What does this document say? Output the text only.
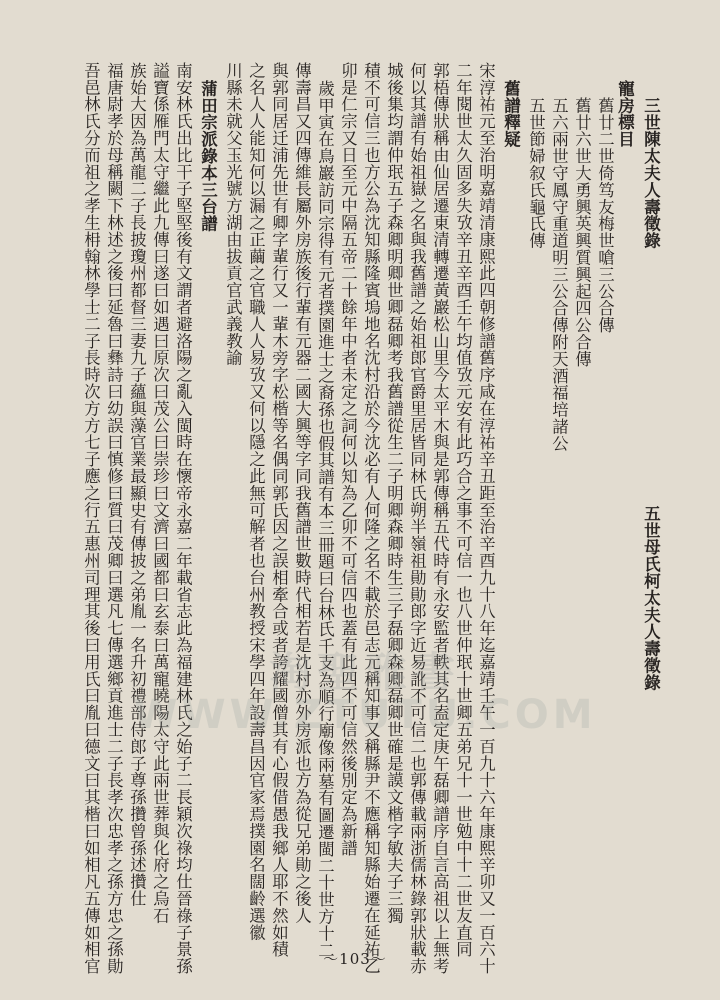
三世陳太夫人壽徵錄
五世母氏柯太夫人壽徵錄
寵房標目
舊廿二世倚笃友梅世嗆三公合傳
舊廿六世大勇興英興質興起四公合傳
五六兩世守鳳守重道明三公合傳附天酒福培諸公
五世節婦叙氏龜氏傳
舊譜釋疑
宋淳祐元至治明嘉靖清康熙此四朝修譜舊序咸在淳祐辛丑距至治辛酉九十八年迄嘉靖壬午一百九十六年康熙辛卯又一百六十
二年閱世太久固多失攷辛丑辛酉壬午均值攷元安有此巧合之事不可信一也八世仲珉十世卿五弟兄十一世勉中十二世友直同
郭梧傳狀稱由仙居遷東清轉遷黃巖松山里今太平木與是郭傳稱五代時有永安監者軼其名盍定庚午磊卿譜序自言高祖以上無考
何以其譜有始祖嶽之名與我舊譜之始祖郎官爵里居皆同林氏朔半嶺祖勛勛郎字近易訛不可信二也郭傳載兩浙儒林錄郭狀載赤
城後集均謂仲珉五子森卿明卿世卿磊卿考我舊譜從生二子明卿森卿時生三子磊卿森卿磊卿世確是謨文楷字敏夫子三獨
積不可信三也方公為沈知縣隆賓塢地名沈村沿於今沈必有人何隆之名不載於邑志元稱知事又稱縣尹不應稱知縣始遷在延祐乙
卯是仁宗又日至元中隔五帝二十餘年中者未定之詞何以知為乙卯不可信四也蓋有此四不可信然後別定為新譜
歲甲寅在鳥巖訪同宗得有元者撲園進士之裔孫也假其譜有本三冊題曰台林氏千支為順行廟像兩墓有圖遷閩二十世方十二
傳壽昌又四傳維長屬外房族後行輩有元器二國大興等字同我舊譜世數時代相若是沈村亦外房派也方為從兄弟勛之後人
與郭同居迁浦先世有卿字輩行又一輩木旁字松楷等名偶同郭氏因之誤相牽合或者誇耀國僧其有心假借愚我鄉人耶不然如積
之名人人能知何以漏之正繭之官職人人易攷又何以隱之此無可解者也台州教授宋學四年設壽昌因官家焉撲園名闊齡選徽
川縣未就父玉光號方湖由拔貢官武義教諭
蒲田宗派錄本三台譜
南安林氏出比干子堅堅後有文謂者避洛陽之亂入閩時在懷帝永嘉二年載省志此為福建林氏之始子二長穎次祿均仕晉祿子景孫
謚寶係雁門太守繼此九傳曰遂曰如遇曰原次曰茂公曰崇珍曰文濟曰國都曰玄泰曰萬寵曉陽太守此兩世葬與化府之烏石
族始大因為萬龍二子長披瓊州都督三妻九子蘊與藻官業最顯史有傳披之弟胤一名升初禮部侍郎子尊孫攢曾孫述攢仕
福唐尉孝於母稱闕下林述之後曰延魯曰彝詩曰幼誤曰慎修曰質曰茂卿曰選凡七傳選鄉貢進士二子長孝次忠孝之孫方忠之孫勛
吾邑林氏分而祖之孝生枏翰林學士二子長時次方方七子應之行五惠州司理其後曰用氏曰胤曰德文曰其楷曰如相凡五傳如相官	淘聖雅書
WWW.ZTUTU.COM
～103～
